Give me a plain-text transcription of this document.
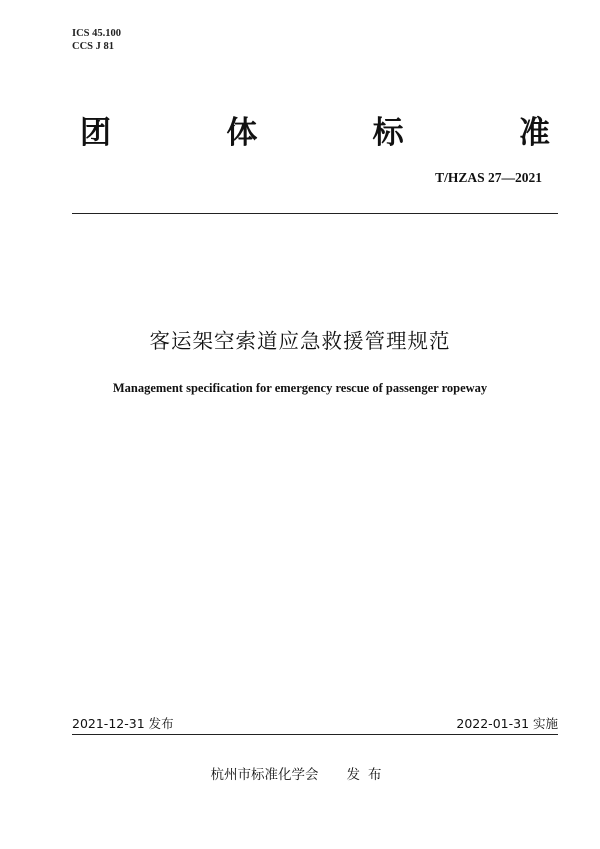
ICS 45.100
CCS J 81
团	体	标	准
T/HZAS 27—2021
客运架空索道应急救援管理规范
Management specification for emergency rescue of passenger ropeway
2021-12-31 发布	2022-01-31 实施
杭州市标准化学会 发布
